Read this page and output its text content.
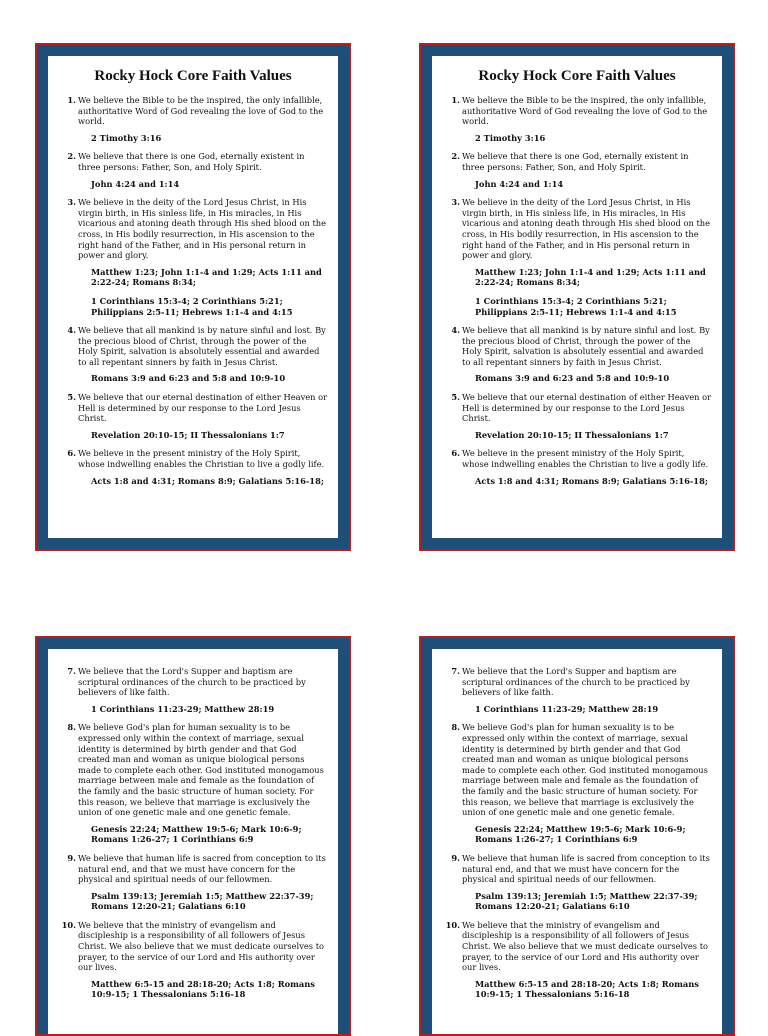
Rocky Hock Core Faith Values
1. We believe the Bible to be the inspired, the only infallible, authoritative Word of God revealing the love of God to the world.
2 Timothy 3:16
2. We believe that there is one God, eternally existent in three persons: Father, Son, and Holy Spirit.
John 4:24 and 1:14
3. We believe in the deity of the Lord Jesus Christ, in His virgin birth, in His sinless life, in His miracles, in His vicarious and atoning death through His shed blood on the cross, in His bodily resurrection, in His ascension to the right hand of the Father, and in His personal return in power and glory.
Matthew 1:23; John 1:1-4 and 1:29; Acts 1:11 and 2:22-24; Romans 8:34;
1 Corinthians 15:3-4; 2 Corinthians 5:21; Philippians 2:5-11; Hebrews 1:1-4 and 4:15
4. We believe that all mankind is by nature sinful and lost. By the precious blood of Christ, through the power of the Holy Spirit, salvation is absolutely essential and awarded to all repentant sinners by faith in Jesus Christ.
Romans 3:9 and 6:23 and 5:8 and 10:9-10
5. We believe that our eternal destination of either Heaven or Hell is determined by our response to the Lord Jesus Christ.
Revelation 20:10-15; II Thessalonians 1:7
6. We believe in the present ministry of the Holy Spirit, whose indwelling enables the Christian to live a godly life.
Acts 1:8 and 4:31; Romans 8:9; Galatians 5:16-18;
Rocky Hock Core Faith Values
1. We believe the Bible to be the inspired, the only infallible, authoritative Word of God revealing the love of God to the world.
2 Timothy 3:16
2. We believe that there is one God, eternally existent in three persons: Father, Son, and Holy Spirit.
John 4:24 and 1:14
3. We believe in the deity of the Lord Jesus Christ, in His virgin birth, in His sinless life, in His miracles, in His vicarious and atoning death through His shed blood on the cross, in His bodily resurrection, in His ascension to the right hand of the Father, and in His personal return in power and glory.
Matthew 1:23; John 1:1-4 and 1:29; Acts 1:11 and 2:22-24; Romans 8:34;
1 Corinthians 15:3-4; 2 Corinthians 5:21; Philippians 2:5-11; Hebrews 1:1-4 and 4:15
4. We believe that all mankind is by nature sinful and lost. By the precious blood of Christ, through the power of the Holy Spirit, salvation is absolutely essential and awarded to all repentant sinners by faith in Jesus Christ.
Romans 3:9 and 6:23 and 5:8 and 10:9-10
5. We believe that our eternal destination of either Heaven or Hell is determined by our response to the Lord Jesus Christ.
Revelation 20:10-15; II Thessalonians 1:7
6. We believe in the present ministry of the Holy Spirit, whose indwelling enables the Christian to live a godly life.
Acts 1:8 and 4:31; Romans 8:9; Galatians 5:16-18;
7. We believe that the Lord's Supper and baptism are scriptural ordinances of the church to be practiced by believers of like faith.
1 Corinthians 11:23-29; Matthew 28:19
8. We believe God's plan for human sexuality is to be expressed only within the context of marriage, sexual identity is determined by birth gender and that God created man and woman as unique biological persons made to complete each other. God instituted monogamous marriage between male and female as the foundation of the family and the basic structure of human society. For this reason, we believe that marriage is exclusively the union of one genetic male and one genetic female.
Genesis 22:24; Matthew 19:5-6; Mark 10:6-9; Romans 1:26-27; 1 Corinthians 6:9
9. We believe that human life is sacred from conception to its natural end, and that we must have concern for the physical and spiritual needs of our fellowmen.
Psalm 139:13; Jeremiah 1:5; Matthew 22:37-39; Romans 12:20-21; Galatians 6:10
10. We believe that the ministry of evangelism and discipleship is a responsibility of all followers of Jesus Christ. We also believe that we must dedicate ourselves to prayer, to the service of our Lord and His authority over our lives.
Matthew 6:5-15 and 28:18-20; Acts 1:8; Romans 10:9-15; 1 Thessalonians 5:16-18
7. We believe that the Lord's Supper and baptism are scriptural ordinances of the church to be practiced by believers of like faith.
1 Corinthians 11:23-29; Matthew 28:19
8. We believe God's plan for human sexuality is to be expressed only within the context of marriage, sexual identity is determined by birth gender and that God created man and woman as unique biological persons made to complete each other. God instituted monogamous marriage between male and female as the foundation of the family and the basic structure of human society. For this reason, we believe that marriage is exclusively the union of one genetic male and one genetic female.
Genesis 22:24; Matthew 19:5-6; Mark 10:6-9; Romans 1:26-27; 1 Corinthians 6:9
9. We believe that human life is sacred from conception to its natural end, and that we must have concern for the physical and spiritual needs of our fellowmen.
Psalm 139:13; Jeremiah 1:5; Matthew 22:37-39; Romans 12:20-21; Galatians 6:10
10. We believe that the ministry of evangelism and discipleship is a responsibility of all followers of Jesus Christ. We also believe that we must dedicate ourselves to prayer, to the service of our Lord and His authority over our lives.
Matthew 6:5-15 and 28:18-20; Acts 1:8; Romans 10:9-15; 1 Thessalonians 5:16-18
